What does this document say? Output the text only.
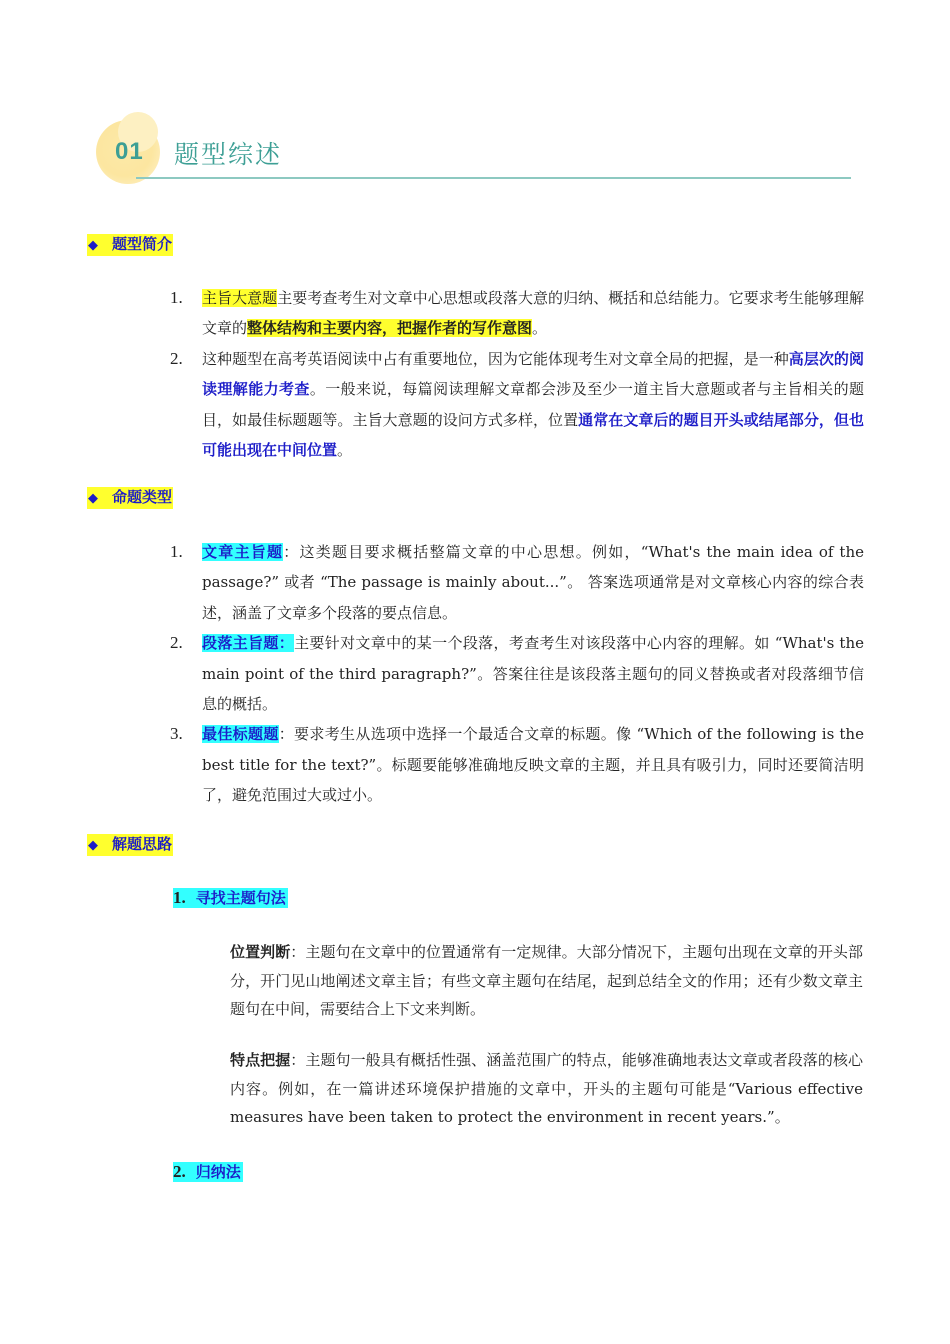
01 题型综述
◆ 题型简介
1. 主旨大意题主要考查考生对文章中心思想或段落大意的归纳、概括和总结能力。它要求考生能够理解文章的整体结构和主要内容，把握作者的写作意图。
2. 这种题型在高考英语阅读中占有重要地位，因为它能体现考生对文章全局的把握，是一种高层次的阅读理解能力考查。一般来说，每篇阅读理解文章都会涉及至少一道主旨大意题或者与主旨相关的题目，如最佳标题题等。主旨大意题的设问方式多样，位置通常在文章后的题目开头或结尾部分，但也可能出现在中间位置。
◆ 命题类型
1. 文章主旨题：这类题目要求概括整篇文章的中心思想。例如，“What's the main idea of the passage?” 或者 “The passage is mainly about...”。 答案选项通常是对文章核心内容的综合表述，涵盖了文章多个段落的要点信息。
2. 段落主旨题：主要针对文章中的某一个段落，考查考生对该段落中心内容的理解。如 “What's the main point of the third paragraph?”。答案往往是该段落主题句的同义替换或者对段落细节信息的概括。
3. 最佳标题题：要求考生从选项中选择一个最适合文章的标题。像 “Which of the following is the best title for the text?”。标题要能够准确地反映文章的主题，并且具有吸引力，同时还要简洁明了，避免范围过大或过小。
◆ 解题思路
1. 寻找主题句法

位置判断：主题句在文章中的位置通常有一定规律。大部分情况下，主题句出现在文章的开头部分，开门见山地阐述文章主旨；有些文章主题句在结尾，起到总结全文的作用；还有少数文章主题句在中间，需要结合上下文来判断。

特点把握：主题句一般具有概括性强、涵盖范围广的特点，能够准确地表达文章或者段落的核心内容。例如，在一篇讲述环境保护措施的文章中，开头的主题句可能是“Various effective measures have been taken to protect the environment in recent years.”。

2. 归纳法
